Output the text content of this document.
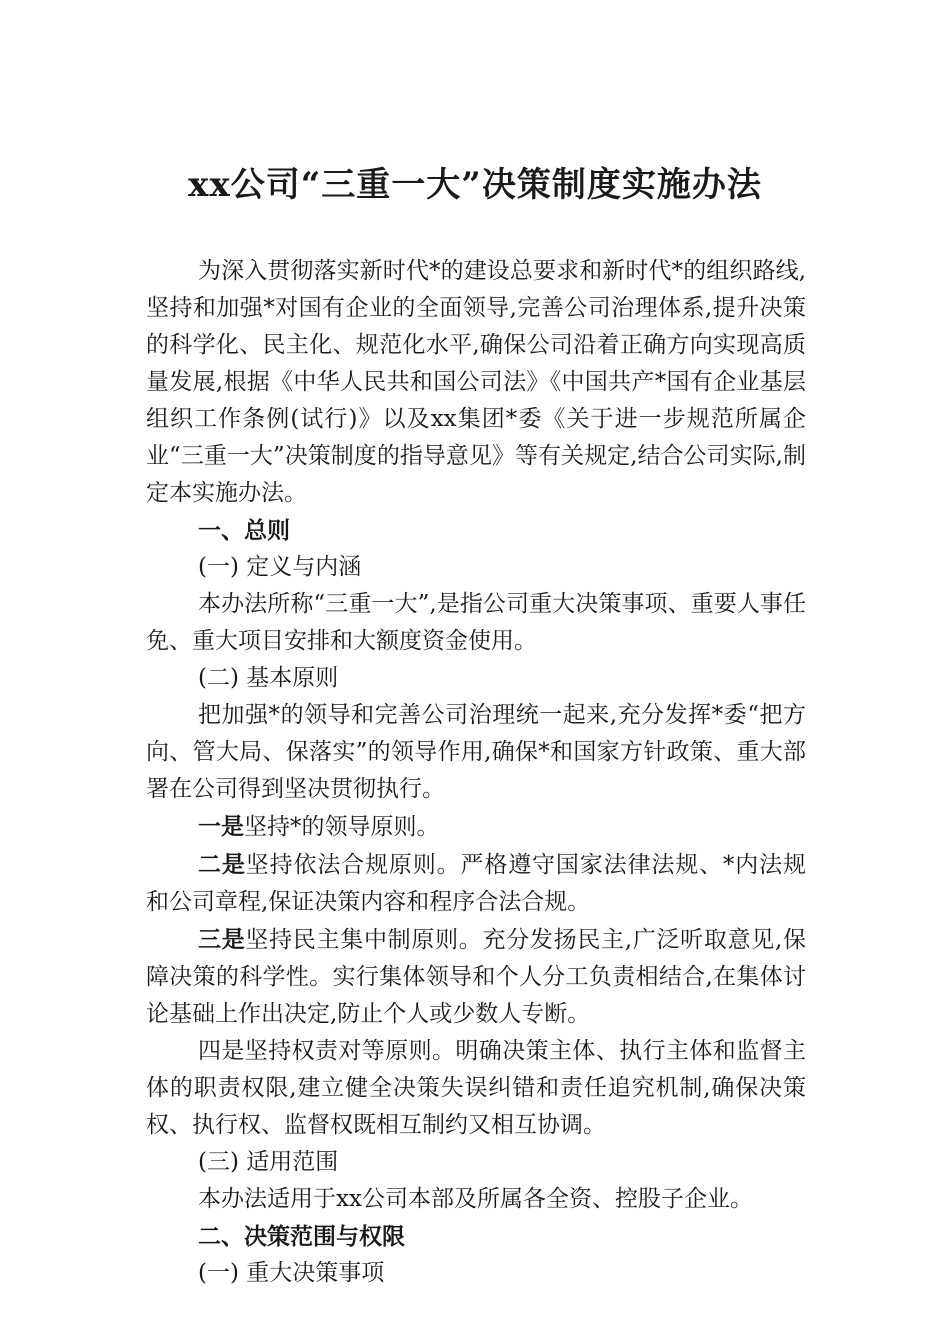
xx公司“三重一大”决策制度实施办法

为深入贯彻落实新时代*的建设总要求和新时代*的组织路线,坚持和加强*对国有企业的全面领导,完善公司治理体系,提升决策的科学化、民主化、规范化水平,确保公司沿着正确方向实现高质量发展,根据《中华人民共和国公司法》《中国共产*国有企业基层组织工作条例(试行)》以及xx集团*委《关于进一步规范所属企业“三重一大”决策制度的指导意见》等有关规定,结合公司实际,制定本实施办法。

一、总则

(一) 定义与内涵

本办法所称“三重一大”,是指公司重大决策事项、重要人事任免、重大项目安排和大额度资金使用。

(二) 基本原则

把加强*的领导和完善公司治理统一起来,充分发挥*委“把方向、管大局、保落实”的领导作用,确保*和国家方针政策、重大部署在公司得到坚决贯彻执行。

一是坚持*的领导原则。

二是坚持依法合规原则。严格遵守国家法律法规、*内法规和公司章程,保证决策内容和程序合法合规。

三是坚持民主集中制原则。充分发扬民主,广泛听取意见,保障决策的科学性。实行集体领导和个人分工负责相结合,在集体讨论基础上作出决定,防止个人或少数人专断。

四是坚持权责对等原则。明确决策主体、执行主体和监督主体的职责权限,建立健全决策失误纠错和责任追究机制,确保决策权、执行权、监督权既相互制约又相互协调。

(三) 适用范围

本办法适用于xx公司本部及所属各全资、控股子企业。

二、决策范围与权限

(一) 重大决策事项
